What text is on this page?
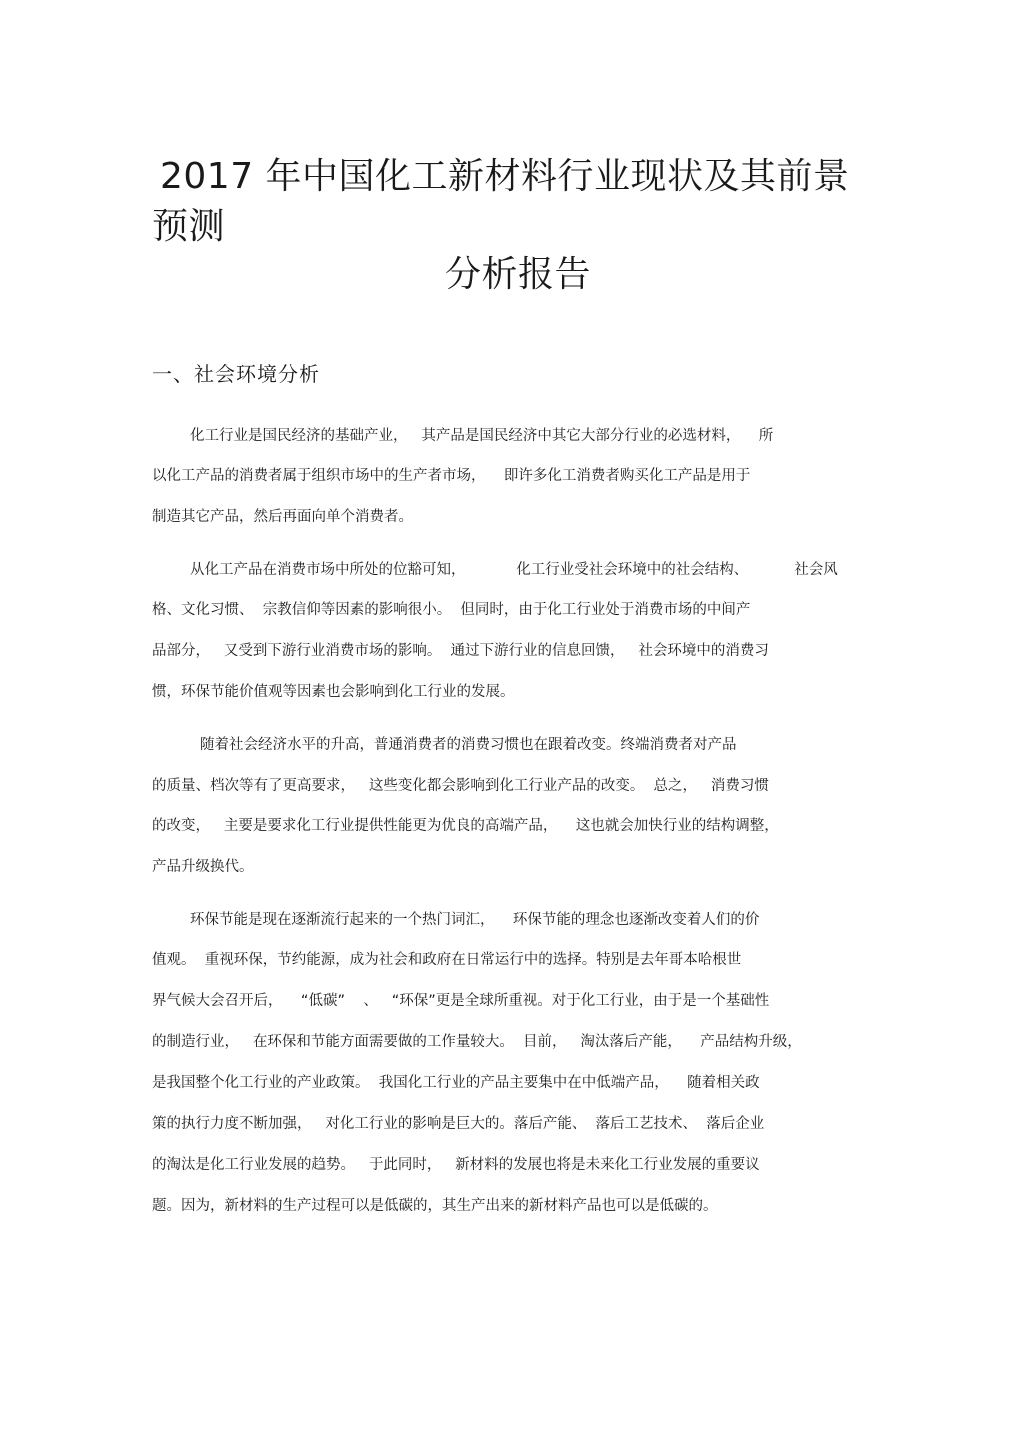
2017 年中国化工新材料行业现状及其前景
预测
分析报告
一、社会环境分析
化工行业是国民经济的基础产业，   其产品是国民经济中其它大部分行业的必选材料，    所
以化工产品的消费者属于组织市场中的生产者市场，    即许多化工消费者购买化工产品是用于
制造其它产品，然后再面向单个消费者。
从化工产品在消费市场中所处的位豁可知，           化工行业受社会环境中的社会结构、          社会风
格、文化习惯、  宗教信仰等因素的影响很小。  但同时，由于化工行业处于消费市场的中间产
品部分，   又受到下游行业消费市场的影响。  通过下游行业的信息回馈，   社会环境中的消费习
惯，环保节能价值观等因素也会影响到化工行业的发展。
随着社会经济水平的升高，普通消费者的消费习惯也在跟着改变。终端消费者对产品
的质量、档次等有了更高要求，   这些变化都会影响到化工行业产品的改变。  总之，   消费习惯
的改变，   主要是要求化工行业提供性能更为优良的高端产品，    这也就会加快行业的结构调整，
产品升级换代。
环保节能是现在逐渐流行起来的一个热门词汇，    环保节能的理念也逐渐改变着人们的价
值观。  重视环保，节约能源，成为社会和政府在日常运行中的选择。特别是去年哥本哈根世
界气候大会召开后，    “低碳”    、   “环保”更是全球所重视。对于化工行业，由于是一个基础性
的制造行业，   在环保和节能方面需要做的工作量较大。  目前，   淘汰落后产能，    产品结构升级，
是我国整个化工行业的产业政策。  我国化工行业的产品主要集中在中低端产品，    随着相关政
策的执行力度不断加强，   对化工行业的影响是巨大的。落后产能、  落后工艺技术、  落后企业
的淘汰是化工行业发展的趋势。   于此同时，   新材料的发展也将是未来化工行业发展的重要议
题。因为，新材料的生产过程可以是低碳的，其生产出来的新材料产品也可以是低碳的。
